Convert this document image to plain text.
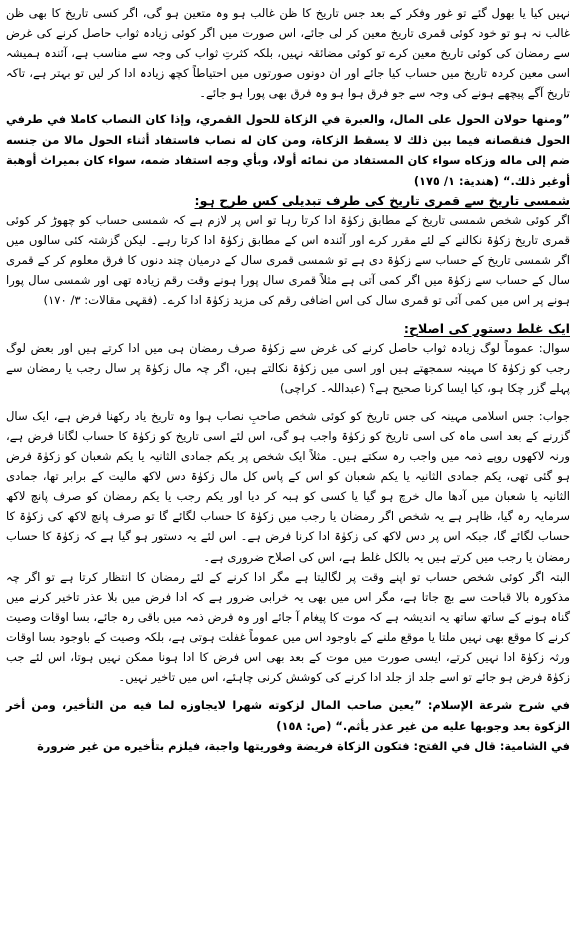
نہیں کیا یا بھول گئے تو غور وفکر کے بعد جس تاریخ کا ظن غالب ہو وہ متعین ہو گی، اگر کسی تاریخ کا بھی ظن غالب نہ ہو تو خود کوئی قمری تاریخ معین کر لی جائے، اس صورت میں اگر کوئی زیادہ ثواب حاصل کرنے کی غرض سے رمضان کی کوئی تاریخ معین کرے تو کوئی مضائقہ نہیں، بلکہ کثرتِ ثواب کی وجہ سے مناسب ہے، آئندہ ہمیشہ اسی معین کردہ تاریخ میں حساب کیا جائے اور ان دونوں صورتوں میں احتیاطاً کچھ زیادہ ادا کر لیں تو بہتر ہے، تاکہ تاریخ آگے پیچھے ہونے کی وجہ سے جو فرق ہوا ہو وہ فرق بھی پورا ہو جائے۔

”ومنها حولان الحول على المال، والعبرة في الزكاة للحول القمري، وإذا كان النصاب كاملا في طرفي الحول فنقصانه فيما بين ذلك لا يسقط الزكاة، ومن كان له نصاب فاستفاد أثناء الحول مالا من جنسه ضم إلى ماله وزكاه سواء كان المستفاد من نمائه أولا، وبأي وجه استفاد ضمه، سواء كان بميراث أوهبة أوغير ذلك.“ (هندية: ١/ ١٧٥)

شمسی تاریخ سے قمری تاریخ کی طرف تبدیلی کس طرح ہو:

اگر کوئی شخص شمسی تاریخ کے مطابق زکوٰۃ ادا کرتا رہا تو اس پر لازم ہے کہ شمسی حساب کو چھوڑ کر کوئی قمری تاریخ زکوٰۃ نکالنے کے لئے مقرر کرے اور آئندہ اس کے مطابق زکوٰۃ ادا کرتا رہے۔ لیکن گزشتہ کئی سالوں میں اگر شمسی تاریخ کے حساب سے زکوٰۃ دی ہے تو شمسی قمری سال کے درمیان چند دنوں کا فرق معلوم کر کے قمری سال کے حساب سے زکوٰۃ میں اگر کمی آتی ہے مثلاً قمری سال پورا ہونے وقت رقم زیادہ تھی اور شمسی سال پورا ہونے پر اس میں کمی آئی تو قمری سال کی اس اضافی رقم کی مزید زکوٰۃ ادا کرے۔ (فقہی مقالات: ۳/ ۱۷۰)

ایک غلط دستور کی اصلاح:

سوال: عموماً لوگ زیادہ ثواب حاصل کرنے کی غرض سے زکوٰۃ صرف رمضان ہی میں ادا کرتے ہیں اور بعض لوگ رجب کو زکوٰۃ کا مہینہ سمجھتے ہیں اور اسی میں زکوٰۃ نکالتے ہیں، اگر چہ مال زکوٰۃ پر سال رجب یا رمضان سے پہلے گزر چکا ہو، کیا ایسا کرنا صحیح ہے؟ (عبداللہ۔ کراچی)

جواب: جس اسلامی مہینہ کی جس تاریخ کو کوئی شخص صاحبِ نصاب ہوا وہ تاریخ یاد رکھنا فرض ہے، ایک سال گزرنے کے بعد اسی ماہ کی اسی تاریخ کو زکوٰۃ واجب ہو گی، اس لئے اسی تاریخ کو زکوٰۃ کا حساب لگانا فرض ہے، ورنہ لاکھوں روپے ذمہ میں واجب رہ سکتے ہیں۔ مثلاً ایک شخص پر یکم جمادی الثانیہ یا یکم شعبان کو زکوٰۃ فرض ہو گئی تھی، یکم جمادی الثانیہ یا یکم شعبان کو اس کے پاس کل مال زکوٰۃ دس لاکھ مالیت کے برابر تھا، جمادی الثانیہ یا شعبان میں آدھا مال خرچ ہو گیا یا کسی کو ہبہ کر دیا اور یکم رجب یا یکم رمضان کو صرف پانچ لاکھ سرمایہ رہ گیا، ظاہر ہے یہ شخص اگر رمضان یا رجب میں زکوٰۃ کا حساب لگائے گا تو صرف پانچ لاکھ کی زکوٰۃ کا حساب لگائے گا، جبکہ اس پر دس لاکھ کی زکوٰۃ ادا کرنا فرض ہے۔ اس لئے یہ دستور ہو گیا ہے کہ زکوٰۃ کا حساب رمضان یا رجب میں کرتے ہیں یہ بالکل غلط ہے، اس کی اصلاح ضروری ہے۔

البتہ اگر کوئی شخص حساب تو اپنے وقت پر لگالیتا ہے مگر ادا کرنے کے لئے رمضان کا انتظار کرتا ہے تو اگر چہ مذکورہ بالا قباحت سے بچ جاتا ہے، مگر اس میں بھی یہ خرابی ضرور ہے کہ ادا فرض میں بلا عذر تاخیر کرنے میں گناہ ہونے کے ساتھ ساتھ یہ اندیشہ ہے کہ موت کا پیغام آ جائے اور وہ فرض ذمہ میں باقی رہ جائے، بسا اوقات وصیت کرنے کا موقع بھی نہیں ملتا یا موقع ملنے کے باوجود اس میں عموماً غفلت ہوتی ہے، بلکہ وصیت کے باوجود بسا اوقات ورثہ زکوٰۃ ادا نہیں کرتے، ایسی صورت میں موت کے بعد بھی اس فرض کا ادا ہونا ممکن نہیں ہوتا، اس لئے جب زکوٰۃ فرض ہو جائے تو اسے جلد از جلد ادا کرنے کی کوشش کرنی چاہئے، اس میں تاخیر نہیں۔

في شرح شرعة الإسلام: ”يعين صاحب المال لزكوته شهرا لايجاوزه لما فيه من التأخير، ومن أخر الزكوة بعد وجوبها عليه من غير عذر يأثم.“ (ص: ١٥٨)

في الشامية: قال في الفتح: فتكون الزكاة فريضة وفوريتها واجبة، فيلزم بتأخيره من غير ضرورة
